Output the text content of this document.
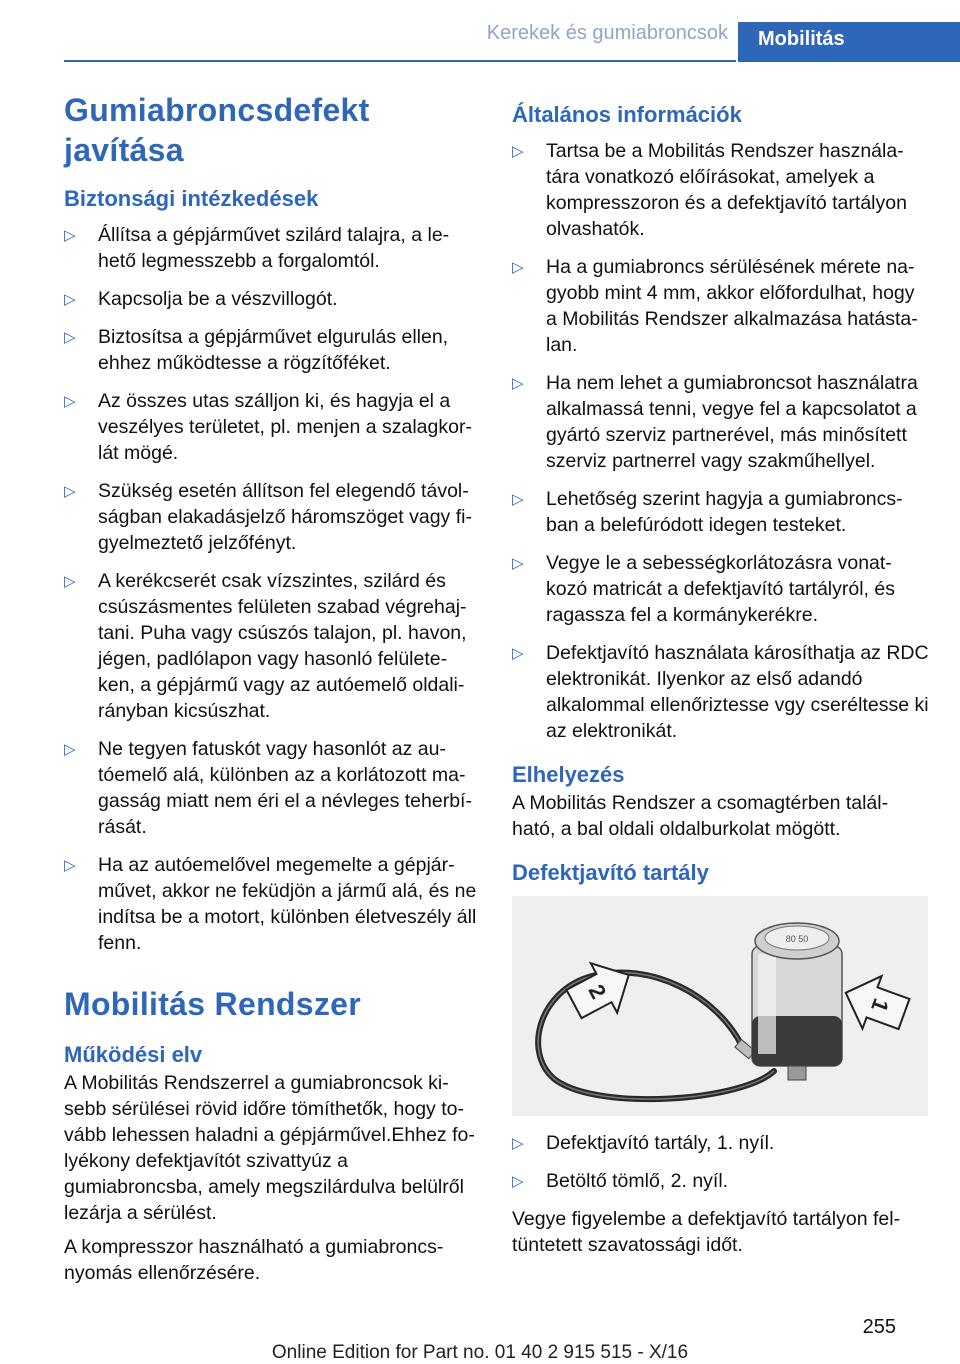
Kerekek és gumiabroncsok	Mobilitás
Gumiabroncsdefekt javítása
Biztonsági intézkedések
▷ Állítsa a gépjárművet szilárd talajra, a le-hető legmesszebb a forgalomtól.
▷ Kapcsolja be a vészvillogót.
▷ Biztosítsa a gépjárművet elgurulás ellen, ehhez működtesse a rögzítőféket.
▷ Az összes utas szálljon ki, és hagyja el a veszélyes területet, pl. menjen a szalagkor-lát mögé.
▷ Szükség esetén állítson fel elegendő távol-ságban elakadásjelző háromszöget vagy fi-gyelmeztető jelzőfényt.
▷ A kerékcserét csak vízszintes, szilárd és csúszásmentes felületen szabad végrehaj-tani. Puha vagy csúszós talajon, pl. havon, jégen, padlólapon vagy hasonló felülete-ken, a gépjármű vagy az autóemelő oldali-rányban kicsúszhat.
▷ Ne tegyen fatuskót vagy hasonlót az au-tóemelő alá, különben az a korlátozott ma-gasság miatt nem éri el a névleges teherbí-rását.
▷ Ha az autóemelővel megemelte a gépjár-művet, akkor ne feküdjön a jármű alá, és ne indítsa be a motort, különben életveszély áll fenn.
Mobilitás Rendszer
Működési elv

A Mobilitás Rendszerrel a gumiabroncsok ki-sebb sérülései rövid időre tömíthetők, hogy to-vább lehessen haladni a gépjárművel.Ehhez fo-lyékony defektjavítót szivattyúz a gumiabroncsba, amely megszilárdulva belülről lezárja a sérülést.

A kompresszor használható a gumiabroncs-nyomás ellenőrzésére.

Általános információk
▷ Tartsa be a Mobilitás Rendszer használa-tára vonatkozó előírásokat, amelyek a kompresszoron és a defektjavító tartályon olvashatók.
▷ Ha a gumiabroncs sérülésének mérete na-gyobb mint 4 mm, akkor előfordulhat, hogy a Mobilitás Rendszer alkalmazása hatásta-lan.
▷ Ha nem lehet a gumiabroncsot használatra alkalmassá tenni, vegye fel a kapcsolatot a gyártó szerviz partnerével, más minősített szerviz partnerrel vagy szakműhellyel.
▷ Lehetőség szerint hagyja a gumiabroncs-ban a belefúródott idegen testeket.
▷ Vegye le a sebességkorlátozásra vonat-kozó matricát a defektjavító tartályról, és ragassza fel a kormánykerékre.
▷ Defektjavító használata károsíthatja az RDC elektronikát. Ilyenkor az első adandó alkalommal ellenőriztesse vgy cseréltesse ki az elektronikát.
Elhelyezés

A Mobilitás Rendszer a csomagtérben talál-ható, a bal oldali oldalburkolat mögött.

Defektjavító tartály
80 50
2
1
▷ Defektjavító tartály, 1. nyíl.
▷ Betöltő tömlő, 2. nyíl.

Vegye figyelembe a defektjavító tartályon fel-tüntetett szavatossági időt.

255
Online Edition for Part no. 01 40 2 915 515 - X/16
